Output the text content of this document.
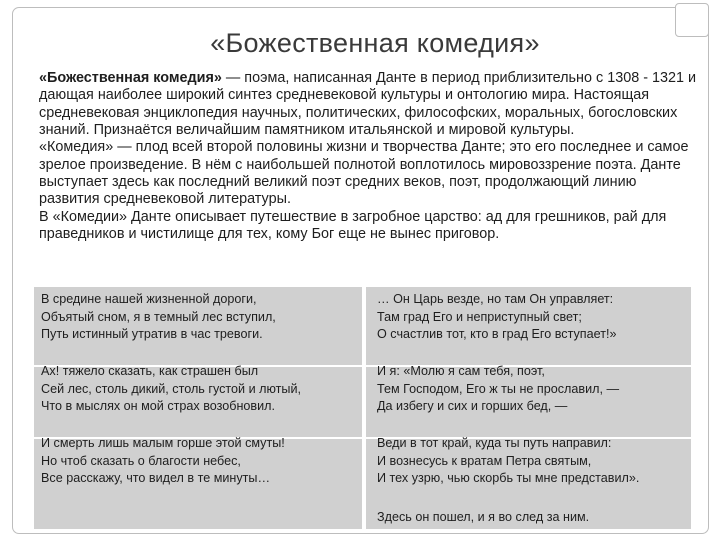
«Божественная комедия»

«Божественная комедия» — поэма, написанная Данте в период приблизительно с 1308 - 1321 и дающая наиболее широкий синтез средневековой культуры и онтологию мира. Настоящая средневековая энциклопедия научных, политических, философских, моральных, богословских знаний. Признаётся величайшим памятником итальянской и мировой культуры.

«Комедия» — плод всей второй половины жизни и творчества Данте; это его последнее и самое зрелое произведение. В нём с наибольшей полнотой воплотилось мировоззрение поэта. Данте выступает здесь как последний великий поэт средних веков, поэт, продолжающий линию развития средневековой литературы.

В «Комедии» Данте описывает путешествие в загробное царство: ад для грешников, рай для праведников и чистилище для тех, кому Бог еще не вынес приговор.

В средине нашей жизненной дороги,
Объятый сном, я в темный лес вступил,
Путь истинный утратив в час тревоги.
Ах! тяжело сказать, как страшен был
Сей лес, столь дикий, столь густой и лютый,
Что в мыслях он мой страх возобновил.
И смерть лишь малым горше этой смуты!
Но чтоб сказать о благости небес,
Все расскажу, что видел в те минуты…
… Он Царь везде, но там Он управляет:
Там град Его и неприступный свет;
О счастлив тот, кто в град Его вступает!»
И я: «Молю я сам тебя, поэт,
Тем Господом, Его ж ты не прославил, —
Да избегу и сих и горших бед, —
Веди в тот край, куда ты путь направил:
И вознесусь к вратам Петра святым,
И тех узрю, чью скорбь ты мне представил».
Здесь он пошел, и я во след за ним.
